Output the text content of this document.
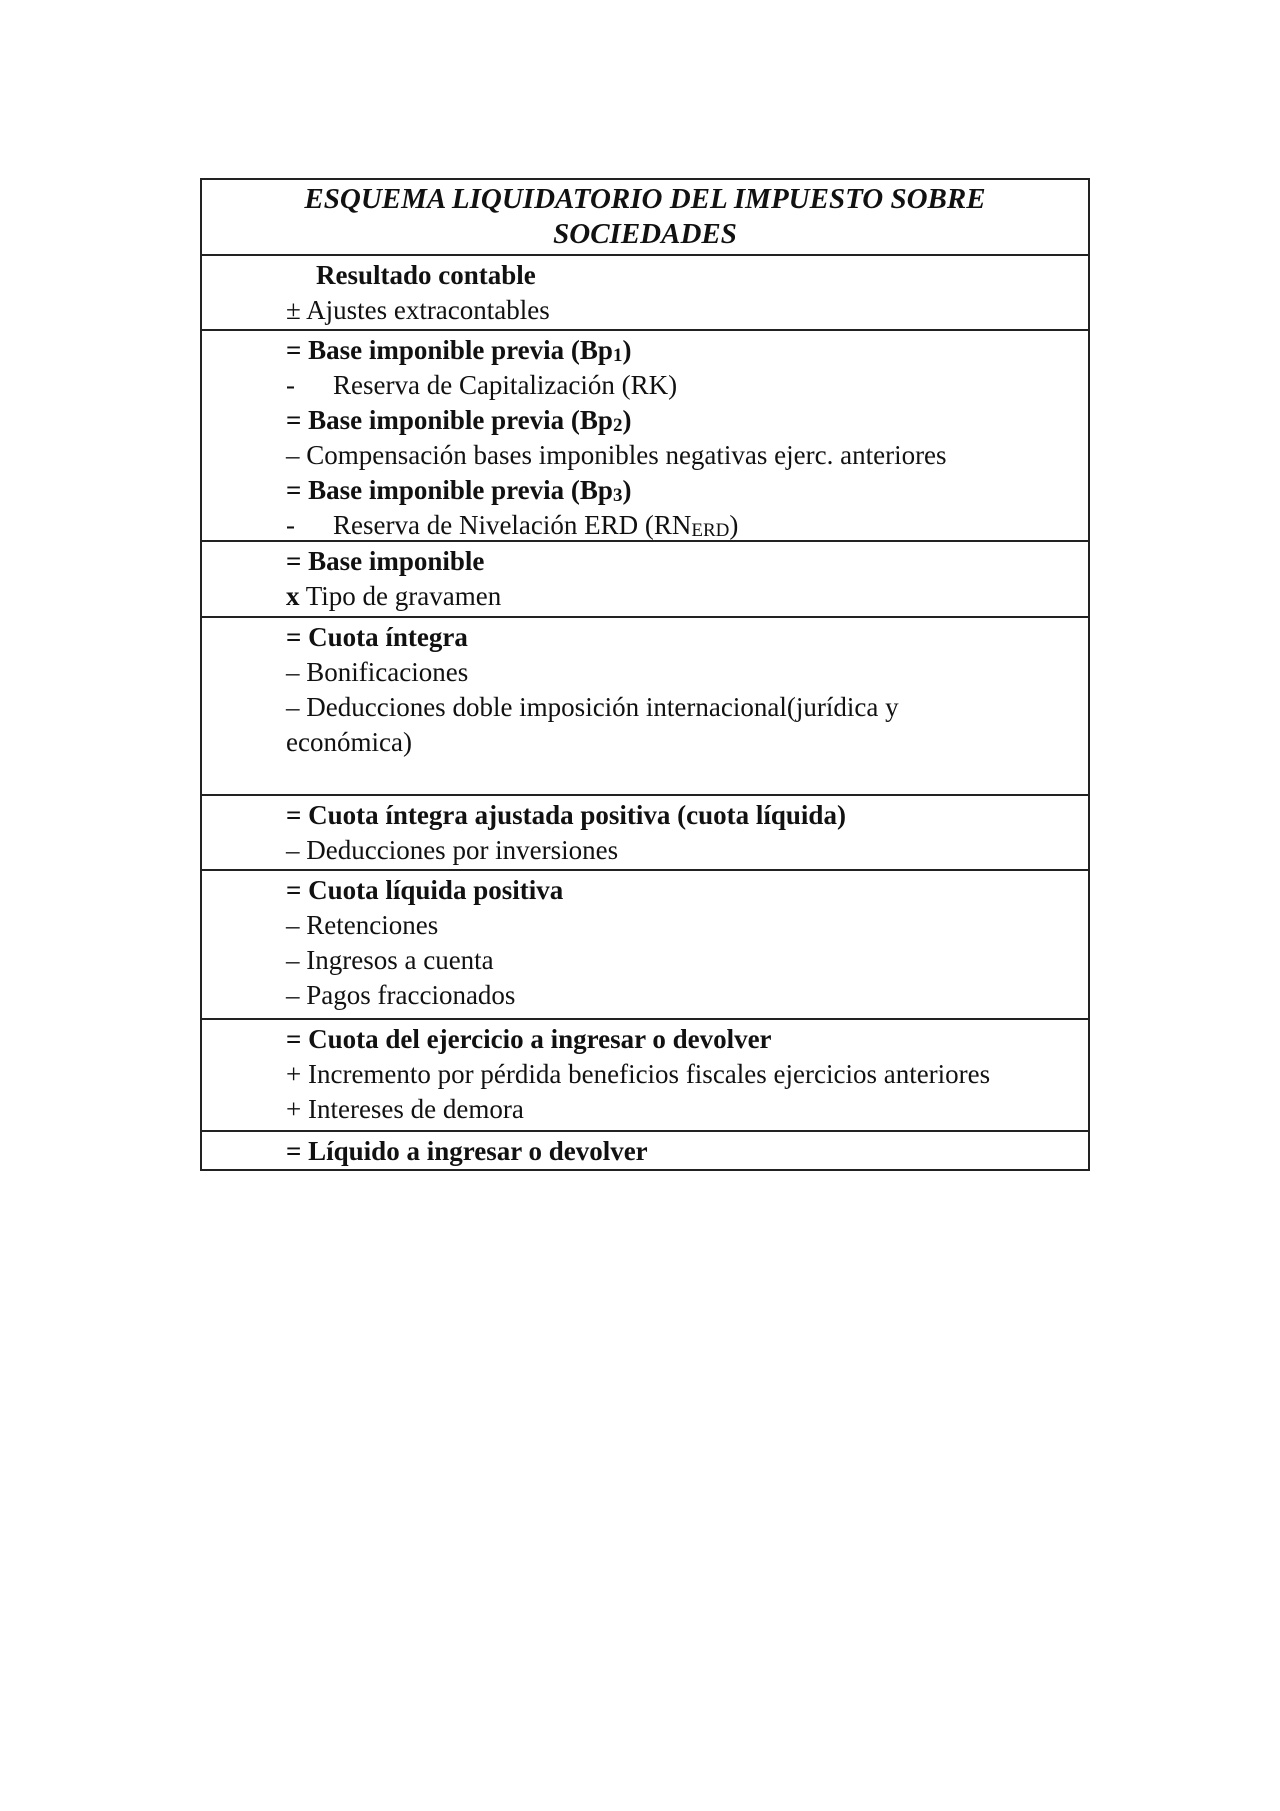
ESQUEMA LIQUIDATORIO DEL IMPUESTO SOBRE
SOCIEDADES
Resultado contable
± Ajustes extracontables
= Base imponible previa $(Bp_1)$
- Reserva de Capitalización (RK)
= Base imponible previa $(Bp_2)$
– Compensación bases imponibles negativas ejerc. anteriores
= Base imponible previa $(Bp_3)$
- Reserva de Nivelación ERD $(RN_{ERD})$
= Base imponible
x Tipo de gravamen
= Cuota íntegra
– Bonificaciones
– Deducciones doble imposición internacional(jurídica y económica)
= Cuota íntegra ajustada positiva (cuota líquida)
– Deducciones por inversiones
= Cuota líquida positiva
– Retenciones
– Ingresos a cuenta
– Pagos fraccionados
= Cuota del ejercicio a ingresar o devolver
+ Incremento por pérdida beneficios fiscales ejercicios anteriores
+ Intereses de demora
= Líquido a ingresar o devolver
